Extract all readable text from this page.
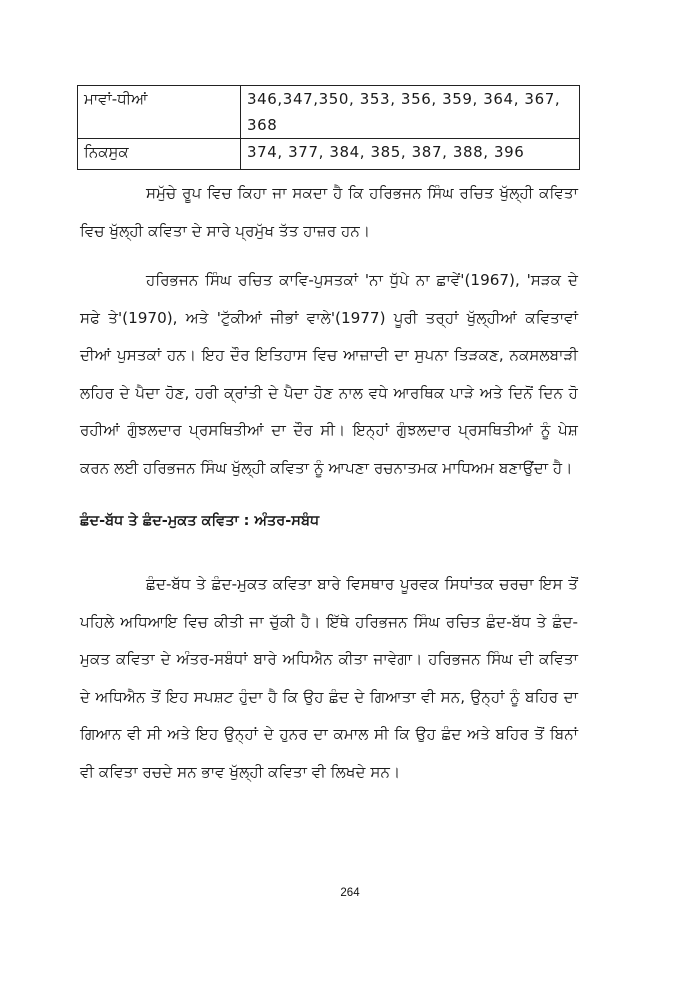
ਮਾਵਾਂ-ਧੀਆਂ	346,347,350, 353, 356, 359, 364, 367, 368
ਨਿਕਸੁਕ	374, 377, 384, 385, 387, 388, 396

ਸਮੁੱਚੇ ਰੂਪ ਵਿਚ ਕਿਹਾ ਜਾ ਸਕਦਾ ਹੈ ਕਿ ਹਰਿਭਜਨ ਸਿੰਘ ਰਚਿਤ ਖੁੱਲ੍ਹੀ ਕਵਿਤਾ ਵਿਚ ਖੁੱਲ੍ਹੀ ਕਵਿਤਾ ਦੇ ਸਾਰੇ ਪ੍ਰਮੁੱਖ ਤੱਤ ਹਾਜ਼ਰ ਹਨ।

ਹਰਿਭਜਨ ਸਿੰਘ ਰਚਿਤ ਕਾਵਿ-ਪੁਸਤਕਾਂ 'ਨਾ ਧੁੱਪੇ ਨਾ ਛਾਵੇਂ'(1967), 'ਸੜਕ ਦੇ ਸਫੇ ਤੇ'(1970), ਅਤੇ 'ਟੁੱਕੀਆਂ ਜੀਭਾਂ ਵਾਲੇ'(1977) ਪੂਰੀ ਤਰ੍ਹਾਂ ਖੁੱਲ੍ਹੀਆਂ ਕਵਿਤਾਵਾਂ ਦੀਆਂ ਪੁਸਤਕਾਂ ਹਨ। ਇਹ ਦੌਰ ਇਤਿਹਾਸ ਵਿਚ ਆਜ਼ਾਦੀ ਦਾ ਸੁਪਨਾ ਤਿੜਕਣ, ਨਕਸਲਬਾੜੀ ਲਹਿਰ ਦੇ ਪੈਦਾ ਹੋਣ, ਹਰੀ ਕ੍ਰਾਂਤੀ ਦੇ ਪੈਦਾ ਹੋਣ ਨਾਲ ਵਧੇ ਆਰਥਿਕ ਪਾੜੇ ਅਤੇ ਦਿਨੋਂ ਦਿਨ ਹੋ ਰਹੀਆਂ ਗੁੰਝਲਦਾਰ ਪ੍ਰਸਥਿਤੀਆਂ ਦਾ ਦੌਰ ਸੀ। ਇਨ੍ਹਾਂ ਗੁੰਝਲਦਾਰ ਪ੍ਰਸਥਿਤੀਆਂ ਨੂੰ ਪੇਸ਼ ਕਰਨ ਲਈ ਹਰਿਭਜਨ ਸਿੰਘ ਖੁੱਲ੍ਹੀ ਕਵਿਤਾ ਨੂੰ ਆਪਣਾ ਰਚਨਾਤਮਕ ਮਾਧਿਅਮ ਬਣਾਉਂਦਾ ਹੈ।

ਛੰਦ-ਬੱਧ ਤੇ ਛੰਦ-ਮੁਕਤ ਕਵਿਤਾ : ਅੰਤਰ-ਸਬੰਧ

ਛੰਦ-ਬੱਧ ਤੇ ਛੰਦ-ਮੁਕਤ ਕਵਿਤਾ ਬਾਰੇ ਵਿਸਥਾਰ ਪੂਰਵਕ ਸਿਧਾਂਤਕ ਚਰਚਾ ਇਸ ਤੋਂ ਪਹਿਲੇ ਅਧਿਆਇ ਵਿਚ ਕੀਤੀ ਜਾ ਚੁੱਕੀ ਹੈ। ਇੱਥੇ ਹਰਿਭਜਨ ਸਿੰਘ ਰਚਿਤ ਛੰਦ-ਬੱਧ ਤੇ ਛੰਦ-ਮੁਕਤ ਕਵਿਤਾ ਦੇ ਅੰਤਰ-ਸਬੰਧਾਂ ਬਾਰੇ ਅਧਿਐਨ ਕੀਤਾ ਜਾਵੇਗਾ। ਹਰਿਭਜਨ ਸਿੰਘ ਦੀ ਕਵਿਤਾ ਦੇ ਅਧਿਐਨ ਤੋਂ ਇਹ ਸਪਸ਼ਟ ਹੁੰਦਾ ਹੈ ਕਿ ਉਹ ਛੰਦ ਦੇ ਗਿਆਤਾ ਵੀ ਸਨ, ਉਨ੍ਹਾਂ ਨੂੰ ਬਹਿਰ ਦਾ ਗਿਆਨ ਵੀ ਸੀ ਅਤੇ ਇਹ ਉਨ੍ਹਾਂ ਦੇ ਹੁਨਰ ਦਾ ਕਮਾਲ ਸੀ ਕਿ ਉਹ ਛੰਦ ਅਤੇ ਬਹਿਰ ਤੋਂ ਬਿਨਾਂ ਵੀ ਕਵਿਤਾ ਰਚਦੇ ਸਨ ਭਾਵ ਖੁੱਲ੍ਹੀ ਕਵਿਤਾ ਵੀ ਲਿਖਦੇ ਸਨ।

264
